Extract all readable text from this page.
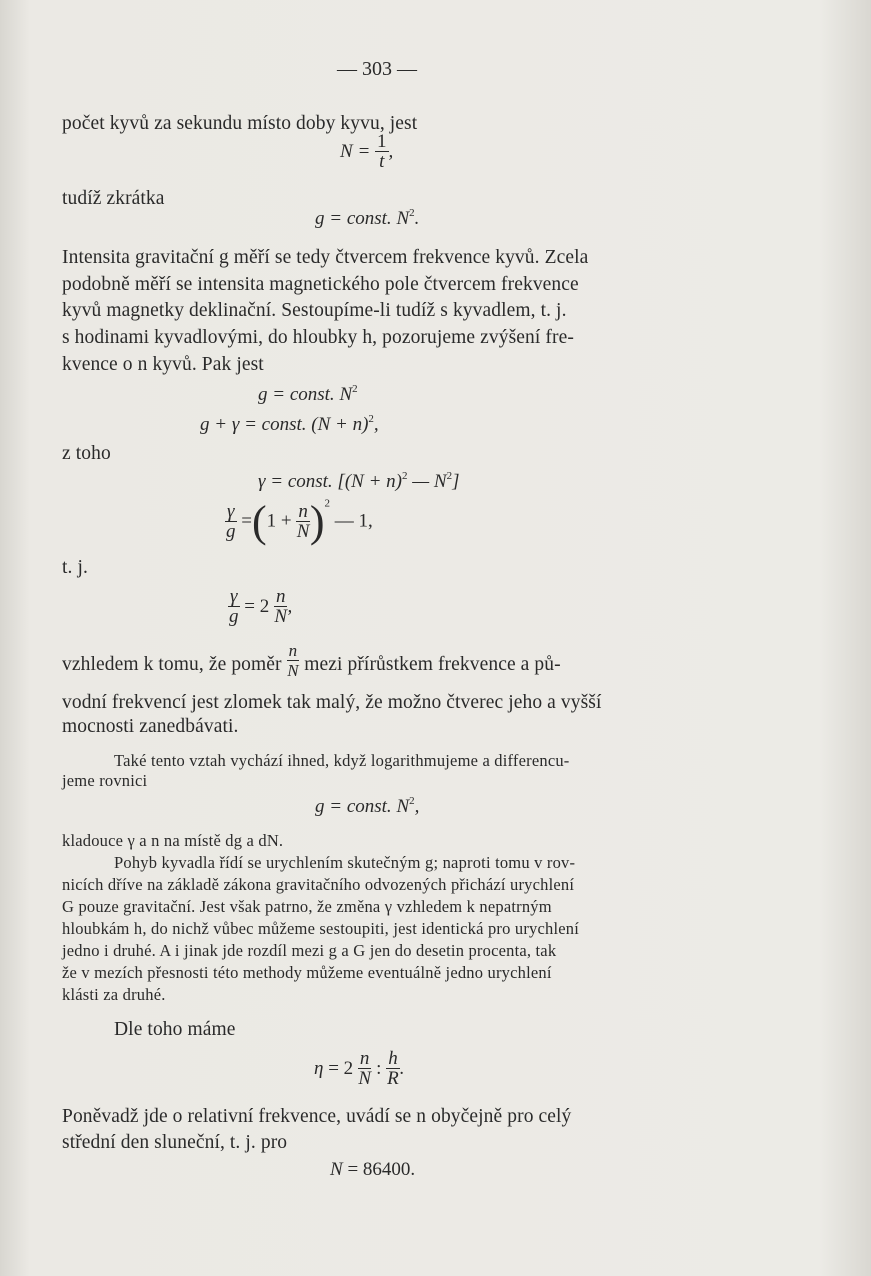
— 303 —
počet kyvů za sekundu místo doby kyvu, jest
$N = \frac{1}{t}$ ,
tudíž zkrátka
g = const. $N^2$.
Intensita gravitační g měří se tedy čtvercem frekvence kyvů. Zcela
podobně měří se intensita magnetického pole čtvercem frekvence
kyvů magnetky deklinační. Sestoupíme-li tudíž s kyvadlem, t. j.
s hodinami kyvadlovými, do hloubky h, pozorujeme zvýšení fre-
kvence o n kyvů. Pak jest
g = const. $N^2$
g + γ = const. $(N + n)^2$,
z toho
γ = const. [$(N + n)^2$ — $N^2$]
$\frac{\gamma}{g} =(1 + \frac{n}{N} )^2$ — 1,
t. j.
$\frac{\gamma}{g} = 2 \frac{n}{N}$ ,
vzhledem k tomu, že poměr $\frac{n}{N}$ mezi přírůstkem frekvence a pů-
vodní frekvencí jest zlomek tak malý, že možno čtverec jeho a vyšší
mocnosti zanedbávati.
Také tento vztah vychází ihned, když logarithmujeme a differencu-
jeme rovnici
g = const. $N^2$,
kladouce γ a n na místě dg a dN.
Pohyb kyvadla řídí se urychlením skutečným g; naproti tomu v rov-
nicích dříve na základě zákona gravitačního odvozených přichází urychlení
G pouze gravitační. Jest však patrno, že změna γ vzhledem k nepatrným
hloubkám h, do nichž vůbec můžeme sestoupiti, jest identická pro urychlení
jedno i druhé. A i jinak jde rozdíl mezi g a G jen do desetin procenta, tak
že v mezích přesnosti této methody můžeme eventuálně jedno urychlení
klásti za druhé.
Dle toho máme
$\eta = 2 \frac{n}{N}$ : $\frac{h}{R}$ .
Poněvadž jde o relativní frekvence, uvádí se n obyčejně pro celý
střední den sluneční, t. j. pro
N = 86400.
